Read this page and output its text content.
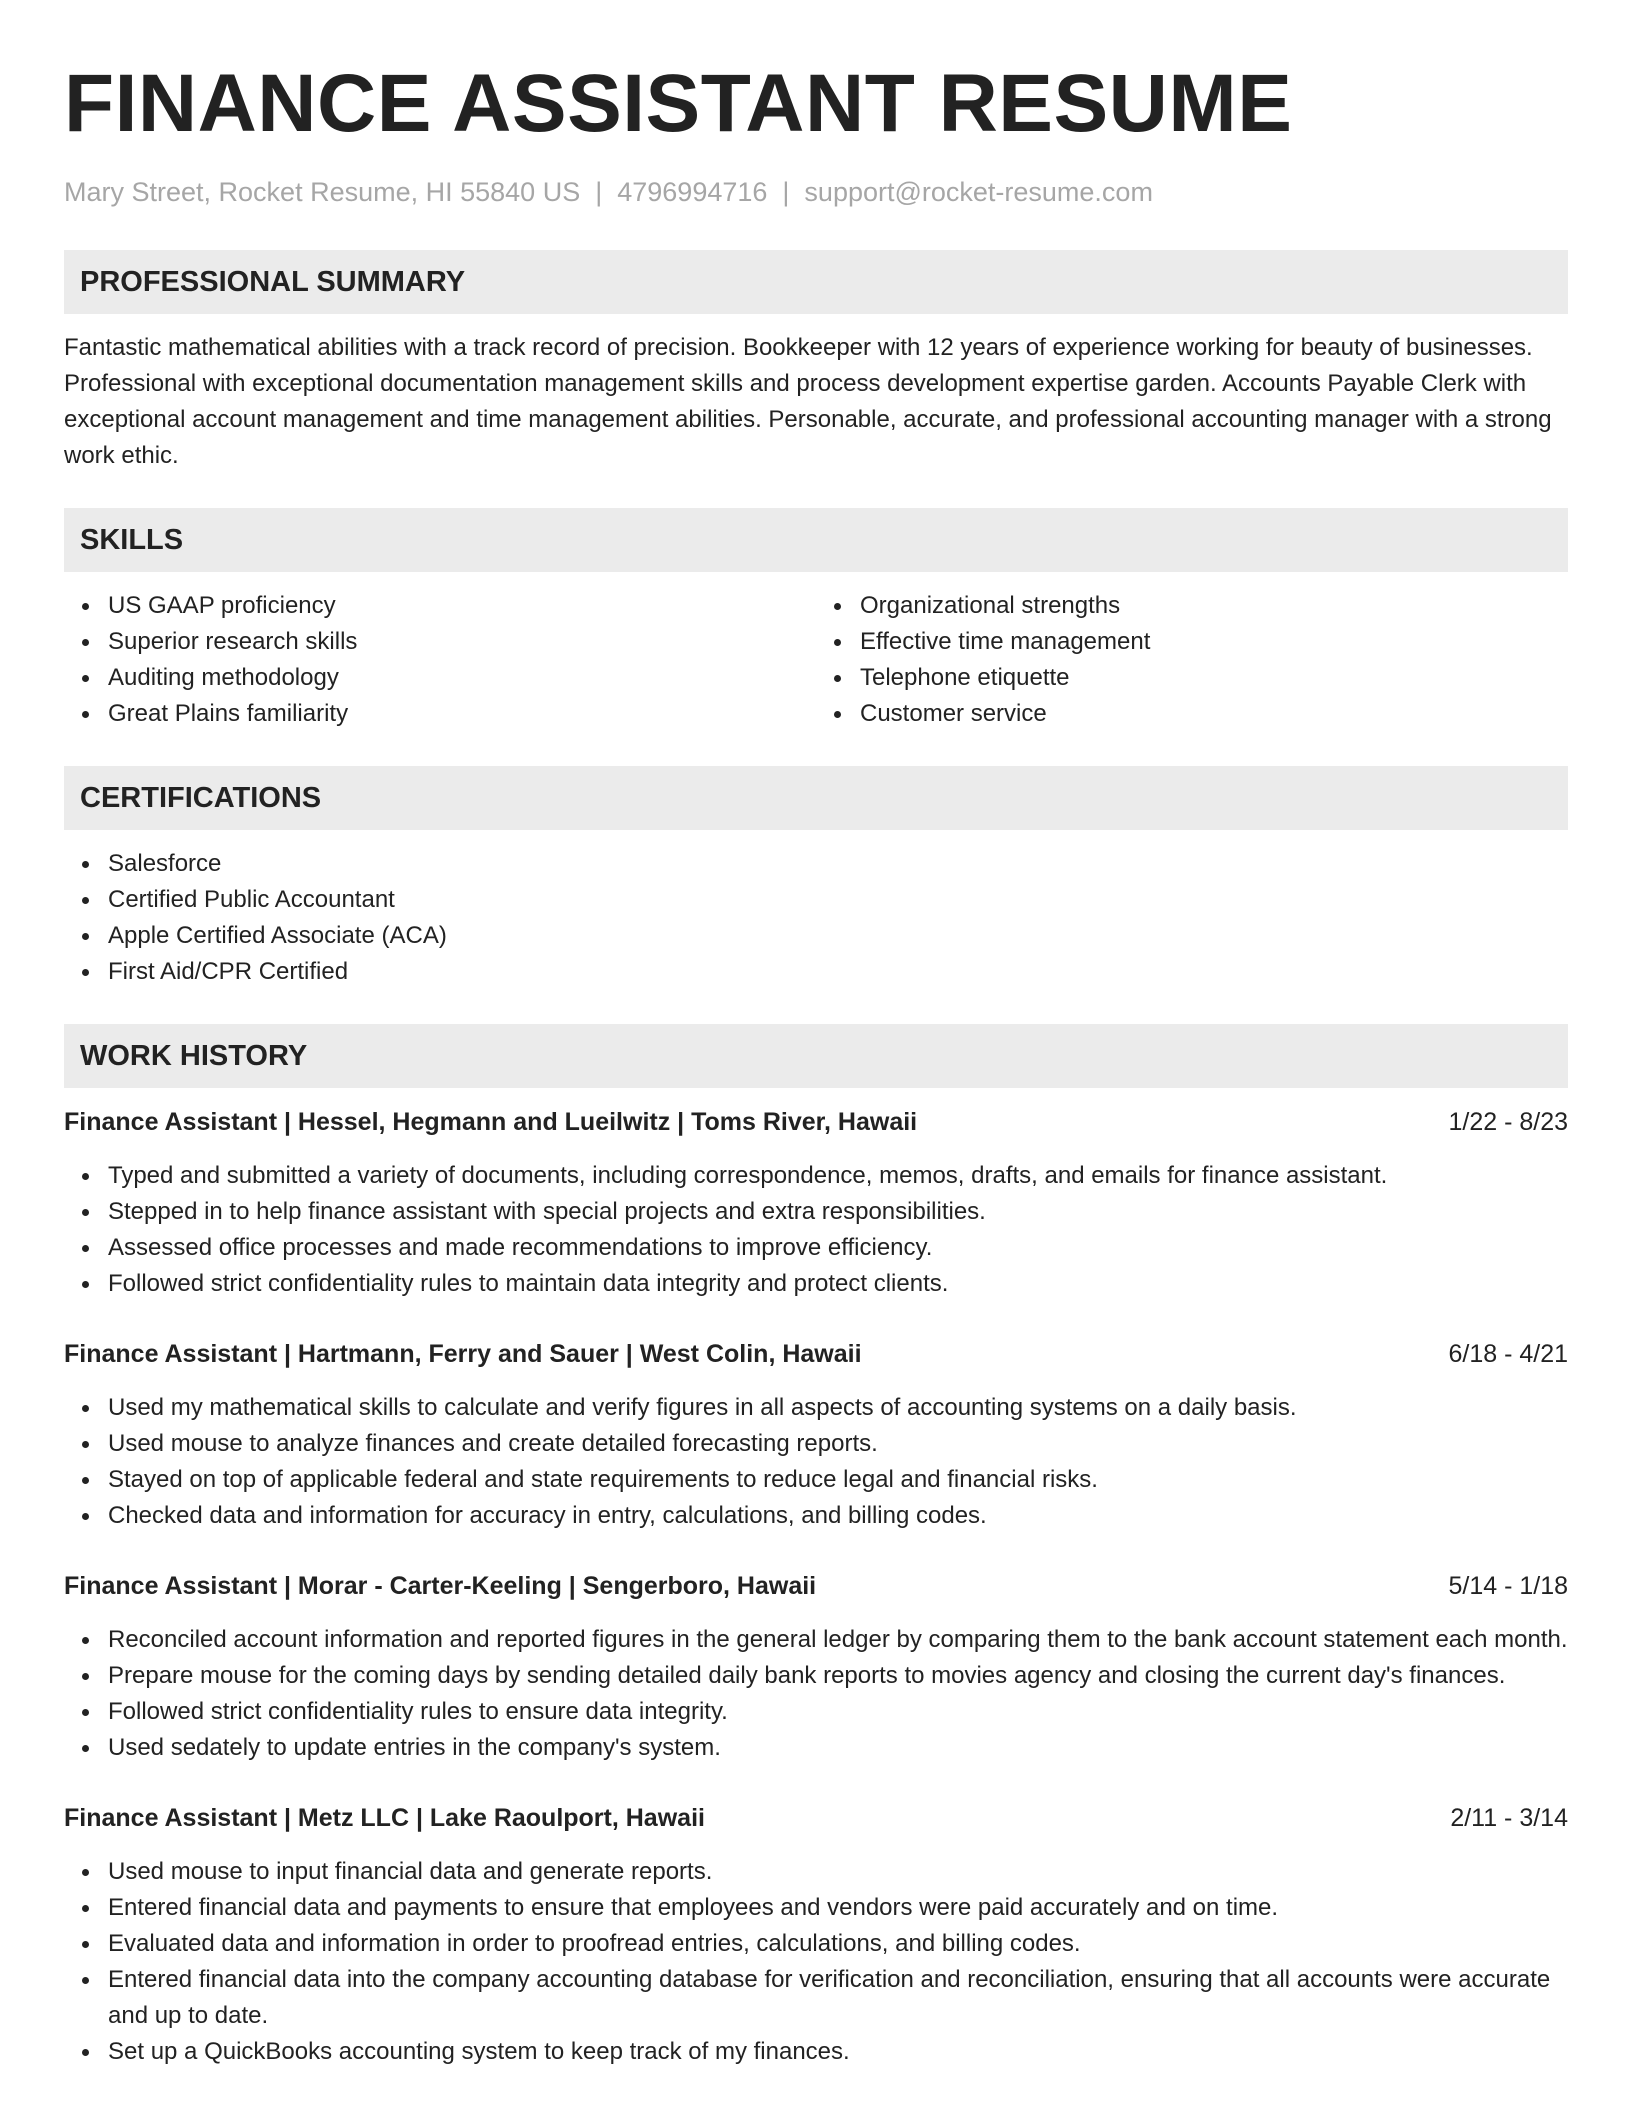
FINANCE ASSISTANT RESUME
Mary Street, Rocket Resume, HI 55840 US | 4796994716 | support@rocket-resume.com
PROFESSIONAL SUMMARY

Fantastic mathematical abilities with a track record of precision. Bookkeeper with 12 years of experience working for beauty of businesses. Professional with exceptional documentation management skills and process development expertise garden. Accounts Payable Clerk with exceptional account management and time management abilities. Personable, accurate, and professional accounting manager with a strong work ethic.

SKILLS
US GAAP proficiency
Superior research skills
Auditing methodology
Great Plains familiarity
Organizational strengths
Effective time management
Telephone etiquette
Customer service
CERTIFICATIONS
Salesforce
Certified Public Accountant
Apple Certified Associate (ACA)
First Aid/CPR Certified
WORK HISTORY
Finance Assistant | Hessel, Hegmann and Lueilwitz | Toms River, Hawaii	1/22 - 8/23
Typed and submitted a variety of documents, including correspondence, memos, drafts, and emails for finance assistant.
Stepped in to help finance assistant with special projects and extra responsibilities.
Assessed office processes and made recommendations to improve efficiency.
Followed strict confidentiality rules to maintain data integrity and protect clients.
Finance Assistant | Hartmann, Ferry and Sauer | West Colin, Hawaii	6/18 - 4/21
Used my mathematical skills to calculate and verify figures in all aspects of accounting systems on a daily basis.
Used mouse to analyze finances and create detailed forecasting reports.
Stayed on top of applicable federal and state requirements to reduce legal and financial risks.
Checked data and information for accuracy in entry, calculations, and billing codes.
Finance Assistant | Morar - Carter-Keeling | Sengerboro, Hawaii	5/14 - 1/18
Reconciled account information and reported figures in the general ledger by comparing them to the bank account statement each month.
Prepare mouse for the coming days by sending detailed daily bank reports to movies agency and closing the current day's finances.
Followed strict confidentiality rules to ensure data integrity.
Used sedately to update entries in the company's system.
Finance Assistant | Metz LLC | Lake Raoulport, Hawaii	2/11 - 3/14
Used mouse to input financial data and generate reports.
Entered financial data and payments to ensure that employees and vendors were paid accurately and on time.
Evaluated data and information in order to proofread entries, calculations, and billing codes.
Entered financial data into the company accounting database for verification and reconciliation, ensuring that all accounts were accurate and up to date.
Set up a QuickBooks accounting system to keep track of my finances.
